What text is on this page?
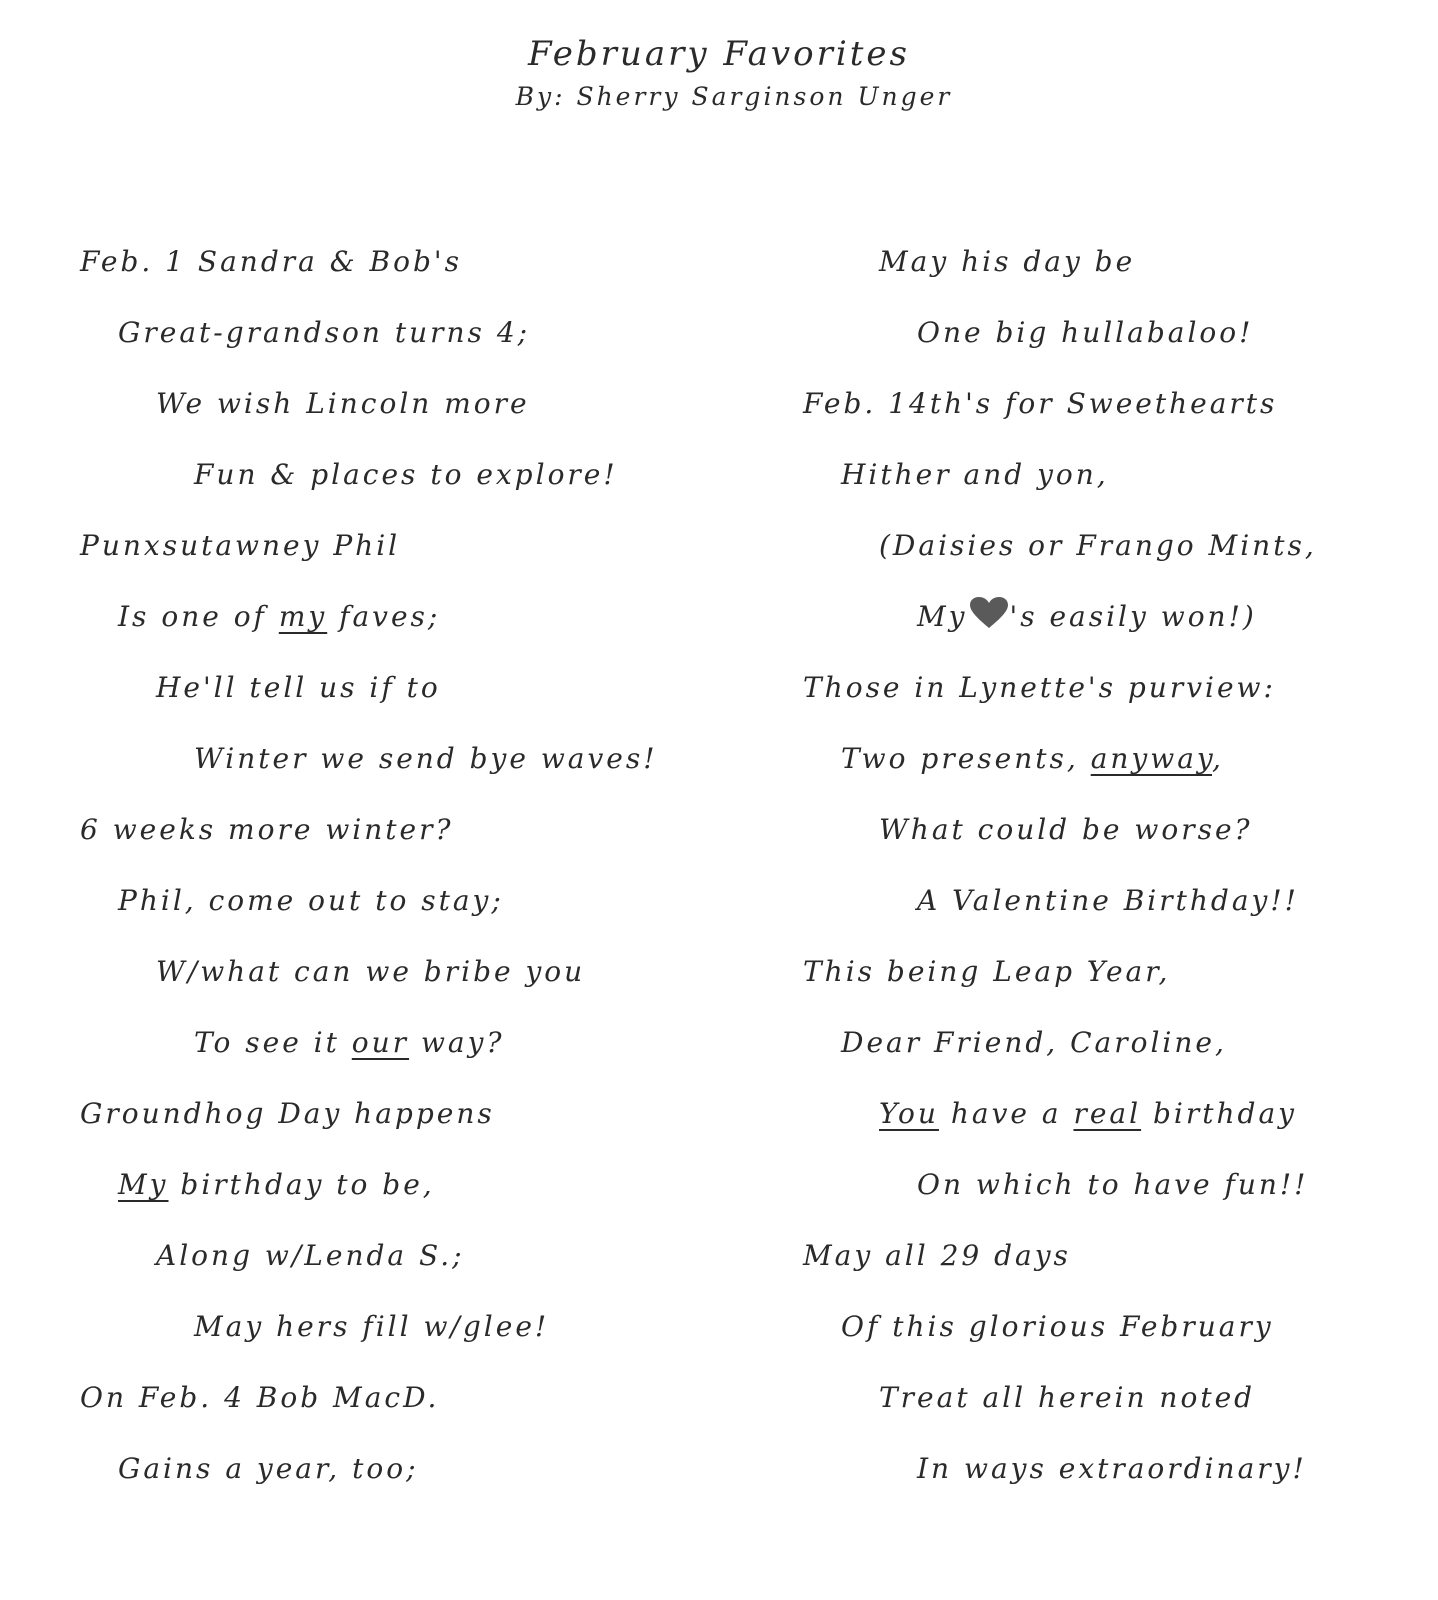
February Favorites

By: Sherry Sarginson Unger

Feb. 1 Sandra & Bob's
Great-grandson turns 4;
We wish Lincoln more
Fun & places to explore!
Punxsutawney Phil
Is one of my faves;
He'll tell us if to
Winter we send bye waves!
6 weeks more winter?
Phil, come out to stay;
W/what can we bribe you
To see it our way?
Groundhog Day happens
My birthday to be,
Along w/Lenda S.;
May hers fill w/glee!
On Feb. 4 Bob MacD.
Gains a year, too;
May his day be
One big hullabaloo!
Feb. 14th's for Sweethearts
Hither and yon,
(Daisies or Frango Mints,
My 's easily won!)
Those in Lynette's purview:
Two presents, anyway,
What could be worse?
A Valentine Birthday!!
This being Leap Year,
Dear Friend, Caroline,
You have a real birthday
On which to have fun!!
May all 29 days
Of this glorious February
Treat all herein noted
In ways extraordinary!
